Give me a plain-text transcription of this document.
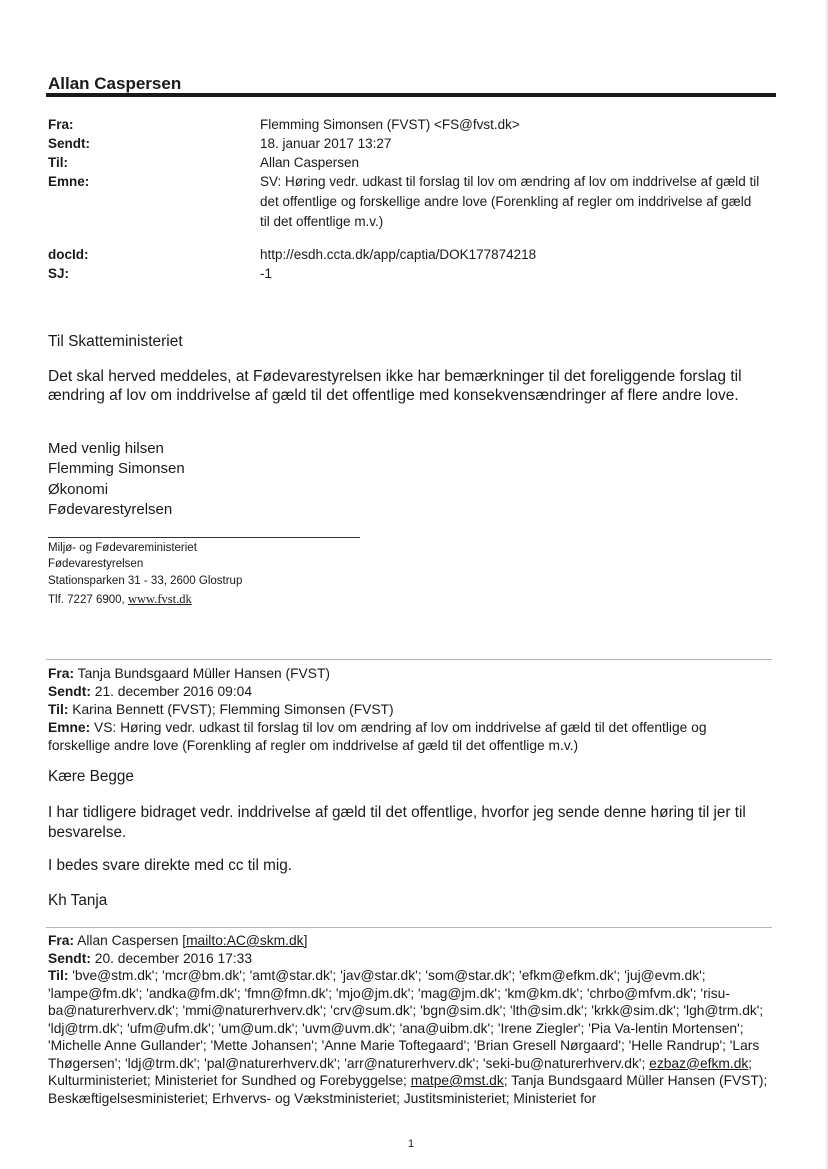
Allan Caspersen
Fra:	Flemming Simonsen (FVST) <FS@fvst.dk>
Sendt:	18. januar 2017 13:27
Til:	Allan Caspersen
Emne:	SV: Høring vedr. udkast til forslag til lov om ændring af lov om inddrivelse af gæld til det offentlige og forskellige andre love (Forenkling af regler om inddrivelse af gæld til det offentlige m.v.)
docId:	http://esdh.ccta.dk/app/captia/DOK177874218
SJ:	-1
Til Skatteministeriet
Det skal herved meddeles, at Fødevarestyrelsen ikke har bemærkninger til det foreliggende forslag til ændring af lov om inddrivelse af gæld til det offentlige med konsekvensændringer af flere andre love.
Med venlig hilsen
Flemming Simonsen
Økonomi
Fødevarestyrelsen
Miljø- og Fødevareministeriet
Fødevarestyrelsen
Stationsparken 31 - 33, 2600 Glostrup
Tlf. 7227 6900, www.fvst.dk
Fra: Tanja Bundsgaard Müller Hansen (FVST)
Sendt: 21. december 2016 09:04
Til: Karina Bennett (FVST); Flemming Simonsen (FVST)
Emne: VS: Høring vedr. udkast til forslag til lov om ændring af lov om inddrivelse af gæld til det offentlige og forskellige andre love (Forenkling af regler om inddrivelse af gæld til det offentlige m.v.)
Kære Begge
I har tidligere bidraget vedr. inddrivelse af gæld til det offentlige, hvorfor jeg sende denne høring til jer til besvarelse.
I bedes svare direkte med cc til mig.
Kh Tanja
Fra: Allan Caspersen [mailto:AC@skm.dk]
Sendt: 20. december 2016 17:33
Til: 'bve@stm.dk'; 'mcr@bm.dk'; 'amt@star.dk'; 'jav@star.dk'; 'som@star.dk'; 'efkm@efkm.dk'; 'juj@evm.dk'; 'lampe@fm.dk'; 'andka@fm.dk'; 'fmn@fmn.dk'; 'mjo@jm.dk'; 'mag@jm.dk'; 'km@km.dk'; 'chrbo@mfvm.dk'; 'risu-ba@naturerhverv.dk'; 'mmi@naturerhverv.dk'; 'crv@sum.dk'; 'bgn@sim.dk'; 'lth@sim.dk'; 'krkk@sim.dk'; 'lgh@trm.dk'; 'ldj@trm.dk'; 'ufm@ufm.dk'; 'um@um.dk'; 'uvm@uvm.dk'; 'ana@uibm.dk'; 'Irene Ziegler'; 'Pia Va-lentin Mortensen'; 'Michelle Anne Gullander'; 'Mette Johansen'; 'Anne Marie Toftegaard'; 'Brian Gresell Nørgaard'; 'Helle Randrup'; 'Lars Thøgersen'; 'ldj@trm.dk'; 'pal@naturerhverv.dk'; 'arr@naturerhverv.dk'; 'seki-bu@naturerhverv.dk'; ezbaz@efkm.dk; Kulturministeriet; Ministeriet for Sundhed og Forebyggelse; matpe@mst.dk; Tanja Bundsgaard Müller Hansen (FVST); Beskæftigelsesministeriet; Erhvervs- og Vækstministeriet; Justitsministeriet; Ministeriet for
1
